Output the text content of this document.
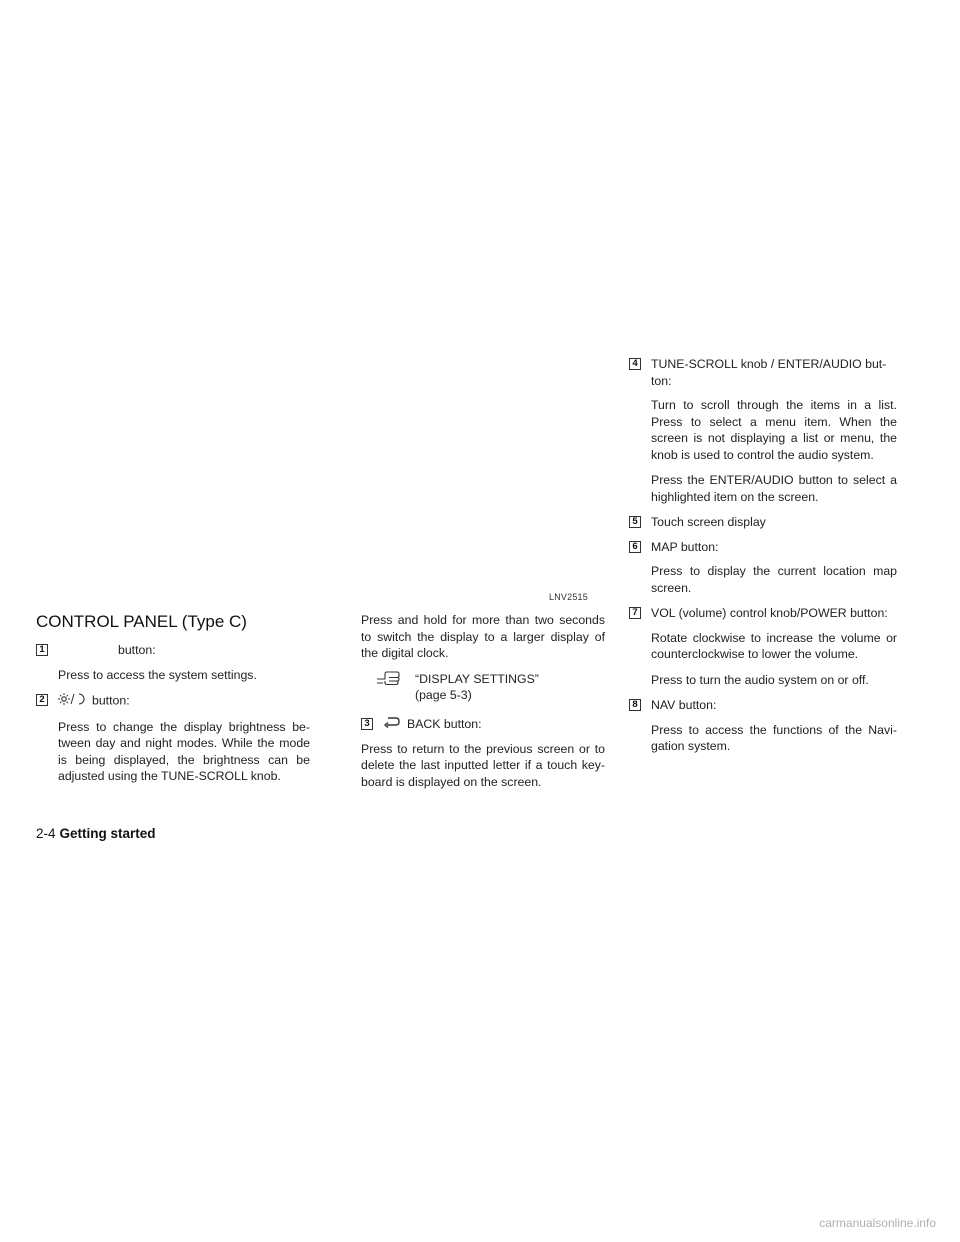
CONTROL PANEL (Type C)
LNV2515
1	button:
Press to access the system settings.
2	button:
Press to change the display brightness be-tween day and night modes. While the mode is being displayed, the brightness can be adjusted using the TUNE-SCROLL knob.
Press and hold for more than two seconds to switch the display to a larger display of the digital clock.
“DISPLAY SETTINGS”
(page 5-3)
3	BACK button:
Press to return to the previous screen or to delete the last inputted letter if a touch key-board is displayed on the screen.
4 TUNE-SCROLL knob / ENTER/AUDIO but-ton:
Turn to scroll through the items in a list. Press to select a menu item. When the screen is not displaying a list or menu, the knob is used to control the audio system.
Press the ENTER/AUDIO button to select a highlighted item on the screen.
5 Touch screen display
6 MAP button:
Press to display the current location map screen.
7 VOL (volume) control knob/POWER button:
Rotate clockwise to increase the volume or counterclockwise to lower the volume.
Press to turn the audio system on or off.
8 NAV button:
Press to access the functions of the Navi-gation system.
2-4 Getting started
carmanualsonline.info
